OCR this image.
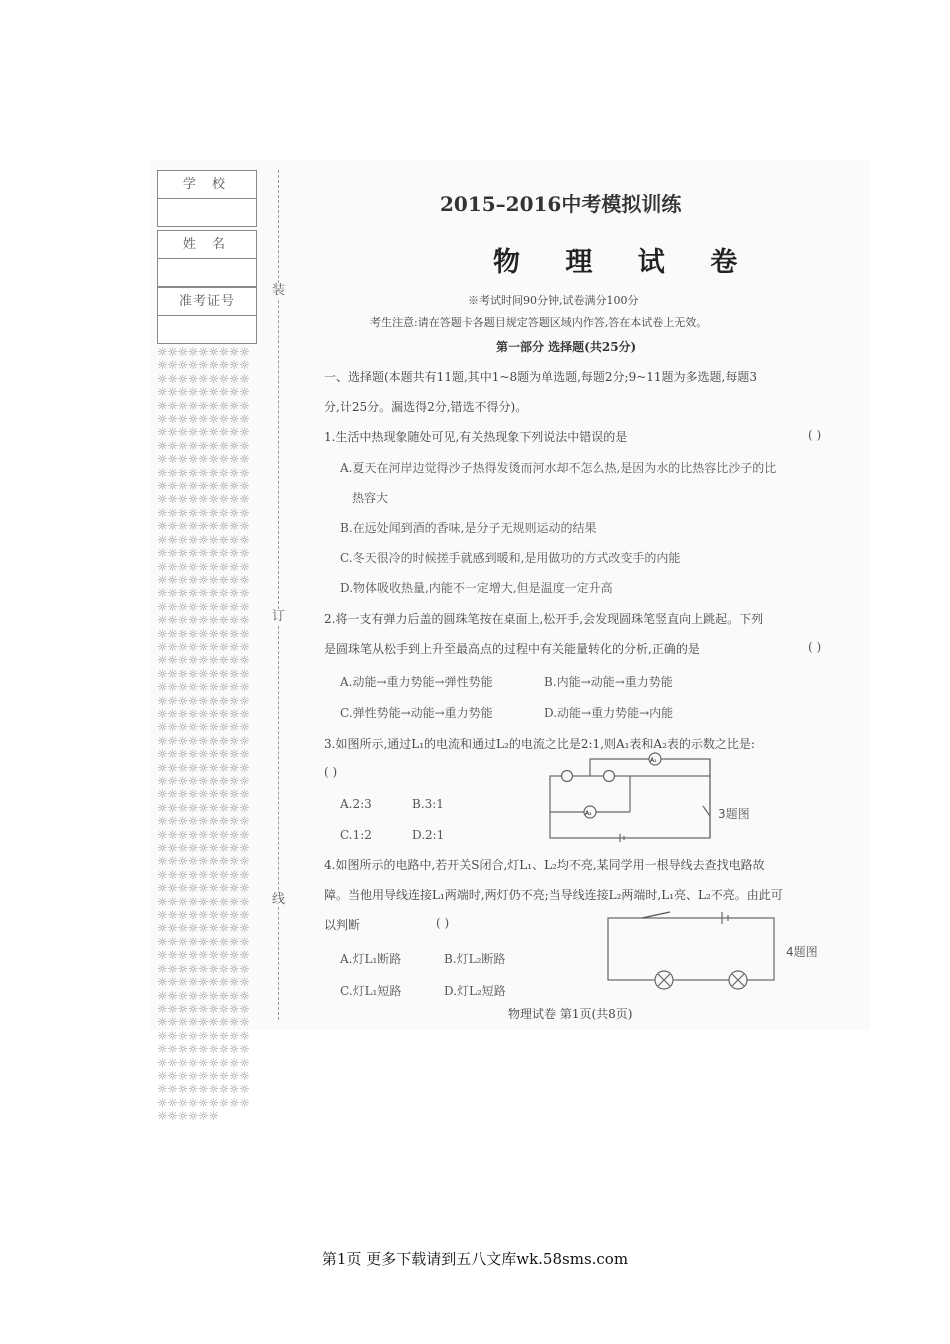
学 校
姓 名
准考证号
☼☼☼☼☼☼☼☼☼☼☼☼☼☼☼☼☼☼☼☼☼☼☼☼☼☼☼☼☼☼☼☼☼☼☼☼☼☼☼☼☼☼☼☼☼☼☼☼☼☼☼☼☼☼☼☼☼☼☼☼☼☼☼☼☼☼☼☼☼☼☼☼☼☼☼☼☼☼☼☼☼☼☼☼☼☼☼☼☼☼☼☼☼☼☼☼☼☼☼☼☼☼☼☼☼☼☼☼☼☼☼☼☼☼☼☼☼☼☼☼☼☼☼☼☼☼☼☼☼☼☼☼☼☼☼☼☼☼☼☼☼☼☼☼☼☼☼☼☼☼☼☼☼☼☼☼☼☼☼☼☼☼☼☼☼☼☼☼☼☼☼☼☼☼☼☼☼☼☼☼☼☼☼☼☼☼☼☼☼☼☼☼☼☼☼☼☼☼☼☼☼☼☼☼☼☼☼☼☼☼☼☼☼☼☼☼☼☼☼☼☼☼☼☼☼☼☼☼☼☼☼☼☼☼☼☼☼☼☼☼☼☼☼☼☼☼☼☼☼☼☼☼☼☼☼☼☼☼☼☼☼☼☼☼☼☼☼☼☼☼☼☼☼☼☼☼☼☼☼☼☼☼☼☼☼☼☼☼☼☼☼☼☼☼☼☼☼☼☼☼☼☼☼☼☼☼☼☼☼☼☼☼☼☼☼☼☼☼☼☼☼☼☼☼☼☼☼☼☼☼☼☼☼☼☼☼☼☼☼☼☼☼☼☼☼☼☼☼☼☼☼☼☼☼☼☼☼☼☼☼☼☼☼☼☼☼☼☼☼☼☼☼☼☼☼☼☼☼☼☼☼☼☼☼☼☼☼☼☼☼☼☼☼☼☼☼☼☼☼☼☼☼☼☼☼☼☼☼☼☼☼☼☼☼☼☼☼☼☼☼☼☼☼☼☼☼☼☼☼☼☼☼☼☼☼☼☼☼☼☼☼☼☼☼☼☼☼☼☼☼☼☼☼☼☼☼☼☼☼☼☼☼☼☼☼☼☼☼☼☼☼☼☼☼☼☼☼☼☼☼☼☼☼☼☼☼☼☼☼☼☼☼☼☼☼☼☼☼☼☼☼☼☼☼☼☼☼☼☼☼☼☼☼☼☼☼☼☼☼
装
订
线
2015–2016中考模拟训练
物 理 试 卷
※考试时间90分钟,试卷满分100分
考生注意:请在答题卡各题目规定答题区域内作答,答在本试卷上无效。
第一部分 选择题(共25分)
一、选择题(本题共有11题,其中1~8题为单选题,每题2分;9~11题为多选题,每题3
分,计25分。漏选得2分,错选不得分)。
1.生活中热现象随处可见,有关热现象下列说法中错误的是	( )
A.夏天在河岸边觉得沙子热得发烫而河水却不怎么热,是因为水的比热容比沙子的比
热容大
B.在远处闻到酒的香味,是分子无规则运动的结果
C.冬天很冷的时候搓手就感到暖和,是用做功的方式改变手的内能
D.物体吸收热量,内能不一定增大,但是温度一定升高
2.将一支有弹力后盖的圆珠笔按在桌面上,松开手,会发现圆珠笔竖直向上跳起。下列
是圆珠笔从松手到上升至最高点的过程中有关能量转化的分析,正确的是	( )
A.动能→重力势能→弹性势能	B.内能→动能→重力势能
C.弹性势能→动能→重力势能	D.动能→重力势能→内能
3.如图所示,通过L₁的电流和通过L₂的电流之比是2:1,则A₁表和A₂表的示数之比是:
( )
A.2:3	B.3:1
C.1:2	D.2:1
A₁
A₂	3题图
4.如图所示的电路中,若开关S闭合,灯L₁、L₂均不亮,某同学用一根导线去查找电路故
障。当他用导线连接L₁两端时,两灯仍不亮;当导线连接L₂两端时,L₁亮、L₂不亮。由此可
以判断	( )
A.灯L₁断路	B.灯L₂断路
C.灯L₁短路	D.灯L₂短路
4题图
物理试卷 第1页(共8页)
第1页 更多下载请到五八文库wk.58sms.com
